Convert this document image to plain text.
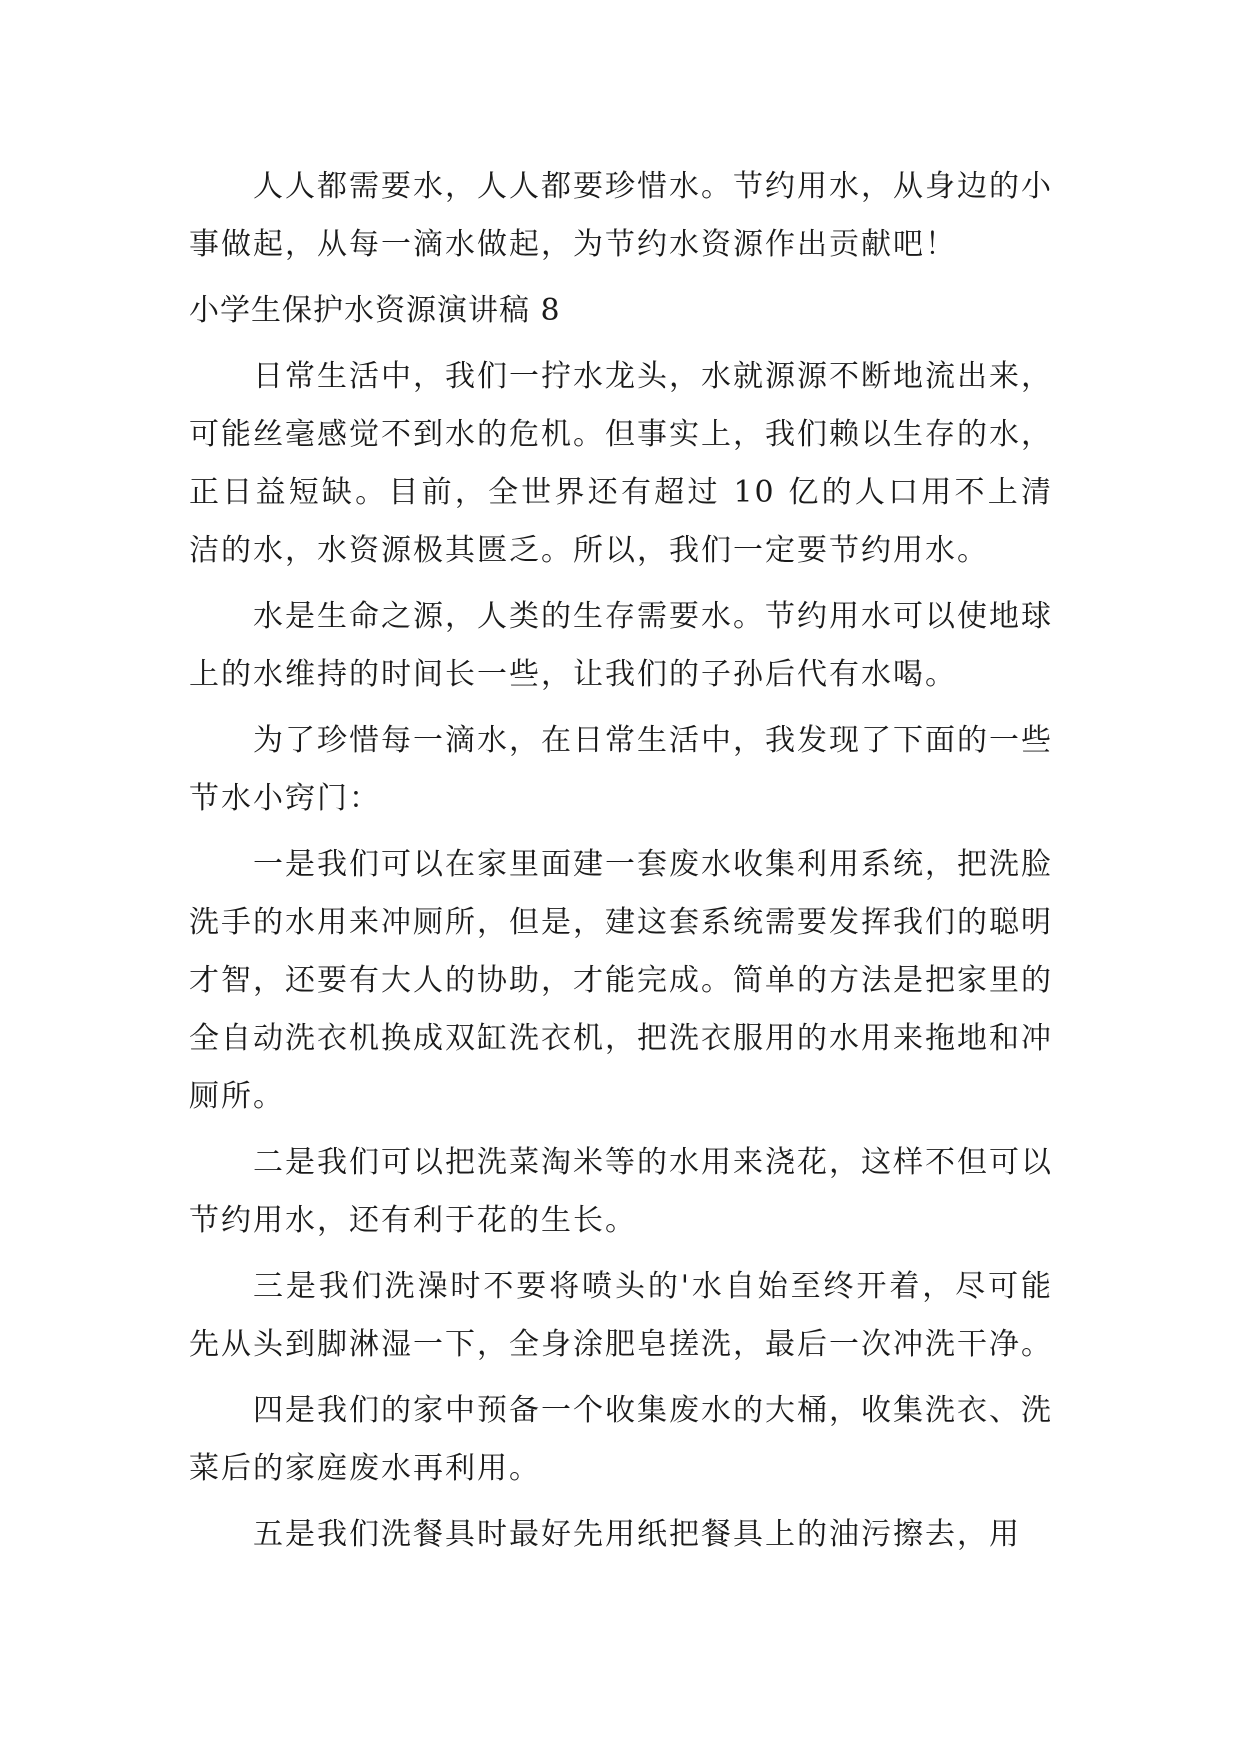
人人都需要水，人人都要珍惜水。节约用水，从身边的小事做起，从每一滴水做起，为节约水资源作出贡献吧！

小学生保护水资源演讲稿 8

日常生活中，我们一拧水龙头，水就源源不断地流出来，可能丝毫感觉不到水的危机。但事实上，我们赖以生存的水，正日益短缺。目前，全世界还有超过 10 亿的人口用不上清洁的水，水资源极其匮乏。所以，我们一定要节约用水。

水是生命之源，人类的生存需要水。节约用水可以使地球上的水维持的时间长一些，让我们的子孙后代有水喝。

为了珍惜每一滴水，在日常生活中，我发现了下面的一些节水小窍门：

一是我们可以在家里面建一套废水收集利用系统，把洗脸洗手的水用来冲厕所，但是，建这套系统需要发挥我们的聪明才智，还要有大人的协助，才能完成。简单的方法是把家里的全自动洗衣机换成双缸洗衣机，把洗衣服用的水用来拖地和冲厕所。

二是我们可以把洗菜淘米等的水用来浇花，这样不但可以节约用水，还有利于花的生长。

三是我们洗澡时不要将喷头的'水自始至终开着，尽可能先从头到脚淋湿一下，全身涂肥皂搓洗，最后一次冲洗干净。

四是我们的家中预备一个收集废水的大桶，收集洗衣、洗菜后的家庭废水再利用。

五是我们洗餐具时最好先用纸把餐具上的油污擦去，用
